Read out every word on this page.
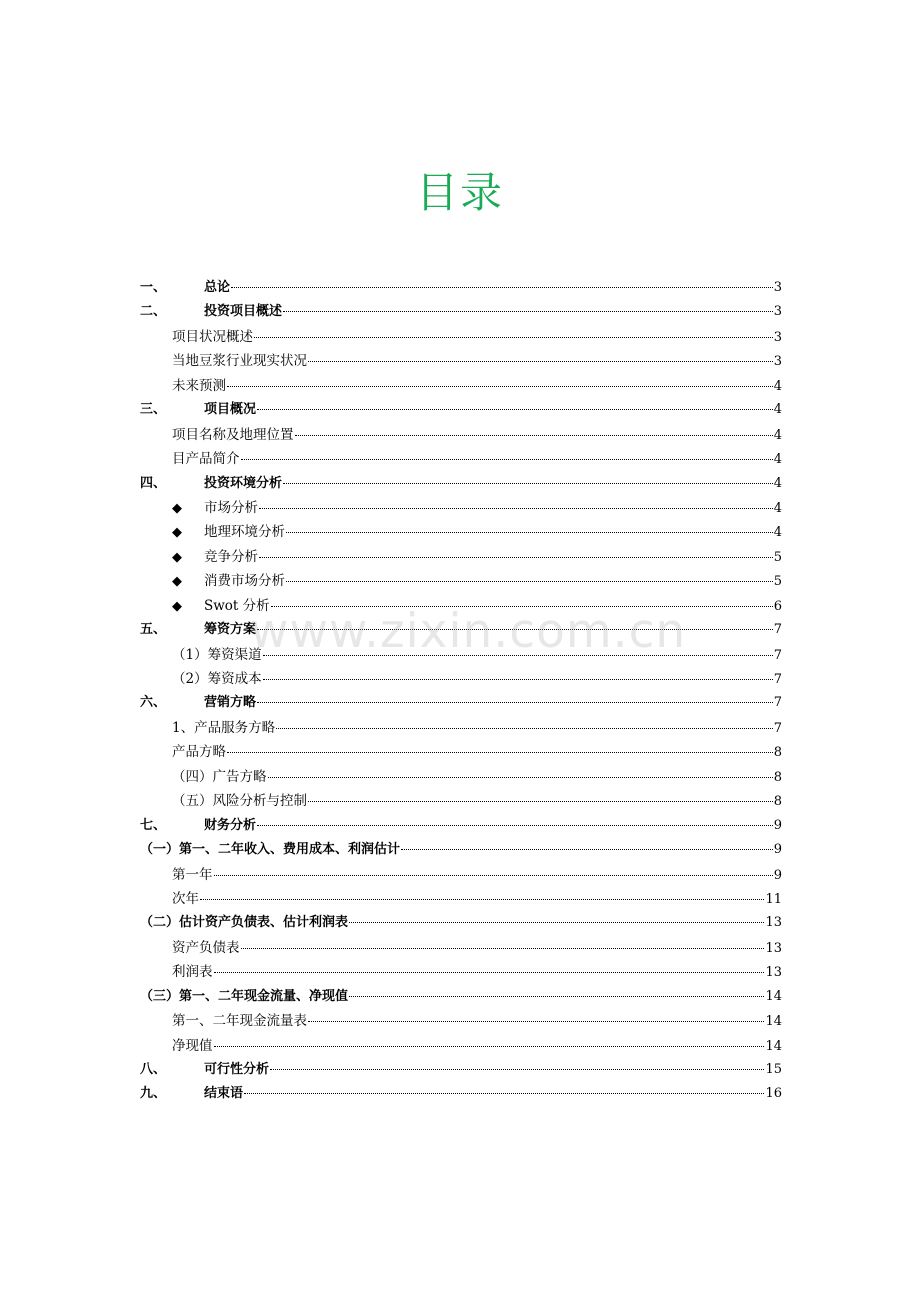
目录
一、	总论	3
二、	投资项目概述	3
项目状况概述	3
当地豆浆行业现实状况	3
未来预测	4
三、	项目概况	4
项目名称及地理位置	4
目产品简介	4
四、	投资环境分析	4
◆	市场分析	4
◆	地理环境分析	4
◆	竞争分析	5
◆	消费市场分析	5
◆	Swot 分析	6
五、	筹资方案	7
（1）筹资渠道	7
（2）筹资成本	7
六、	营销方略	7
1、产品服务方略	7
产品方略	8
（四）广告方略	8
（五）风险分析与控制	8
七、	财务分析	9
（一）第一、二年收入、费用成本、利润估计	9
第一年	9
次年	11
（二）估计资产负债表、估计利润表	13
资产负债表	13
利润表	13
（三）第一、二年现金流量、净现值	14
第一、二年现金流量表	14
净现值	14
八、	可行性分析	15
九、	结束语	16
www.zixin.com.cn
